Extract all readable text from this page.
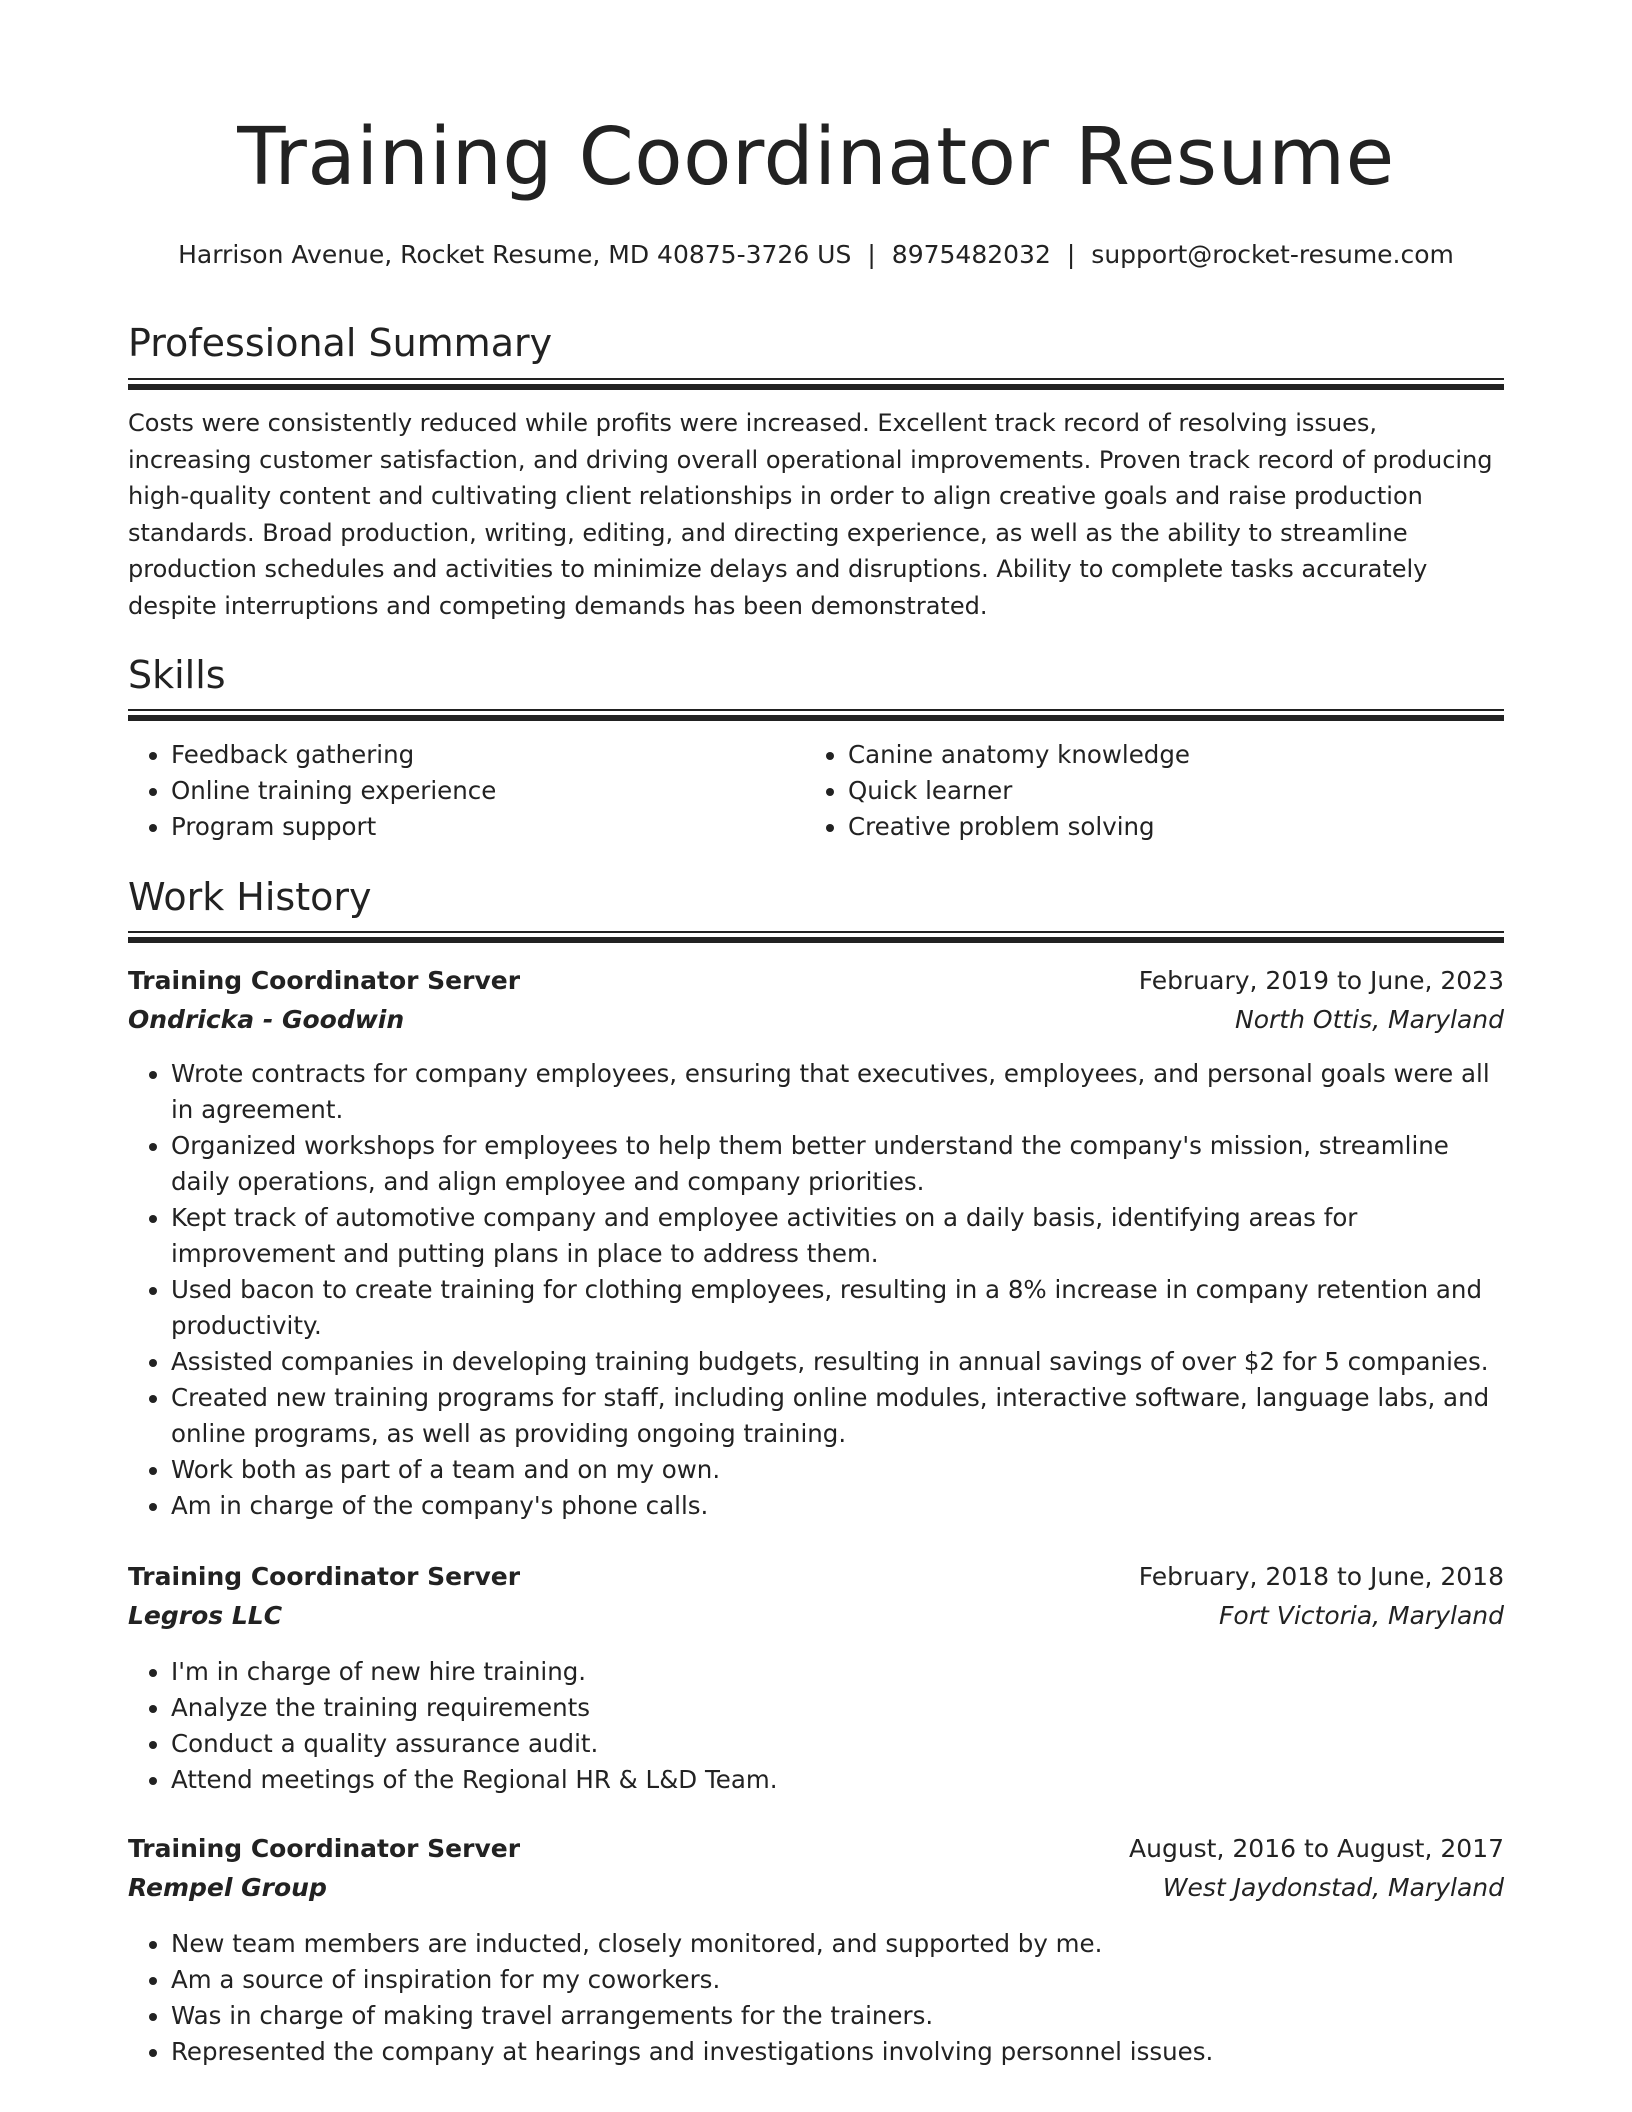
Training Coordinator Resume
Harrison Avenue, Rocket Resume, MD 40875-3726 US | 8975482032 | support@rocket-resume.com
Professional Summary

Costs were consistently reduced while profits were increased. Excellent track record of resolving issues, increasing customer satisfaction, and driving overall operational improvements. Proven track record of producing high-quality content and cultivating client relationships in order to align creative goals and raise production standards. Broad production, writing, editing, and directing experience, as well as the ability to streamline production schedules and activities to minimize delays and disruptions. Ability to complete tasks accurately despite interruptions and competing demands has been demonstrated.

Skills
• Feedback gathering
• Online training experience
• Program support
• Canine anatomy knowledge
• Quick learner
• Creative problem solving
Work History
Training Coordinator Server	February, 2019 to June, 2023
Ondricka - Goodwin	North Ottis, Maryland
• Wrote contracts for company employees, ensuring that executives, employees, and personal goals were all in agreement.
• Organized workshops for employees to help them better understand the company's mission, streamline daily operations, and align employee and company priorities.
• Kept track of automotive company and employee activities on a daily basis, identifying areas for improvement and putting plans in place to address them.
• Used bacon to create training for clothing employees, resulting in a 8% increase in company retention and productivity.
• Assisted companies in developing training budgets, resulting in annual savings of over $2 for 5 companies.
• Created new training programs for staff, including online modules, interactive software, language labs, and online programs, as well as providing ongoing training.
• Work both as part of a team and on my own.
• Am in charge of the company's phone calls.
Training Coordinator Server	February, 2018 to June, 2018
Legros LLC	Fort Victoria, Maryland
• I'm in charge of new hire training.
• Analyze the training requirements
• Conduct a quality assurance audit.
• Attend meetings of the Regional HR & L&D Team.
Training Coordinator Server	August, 2016 to August, 2017
Rempel Group	West Jaydonstad, Maryland
• New team members are inducted, closely monitored, and supported by me.
• Am a source of inspiration for my coworkers.
• Was in charge of making travel arrangements for the trainers.
• Represented the company at hearings and investigations involving personnel issues.
